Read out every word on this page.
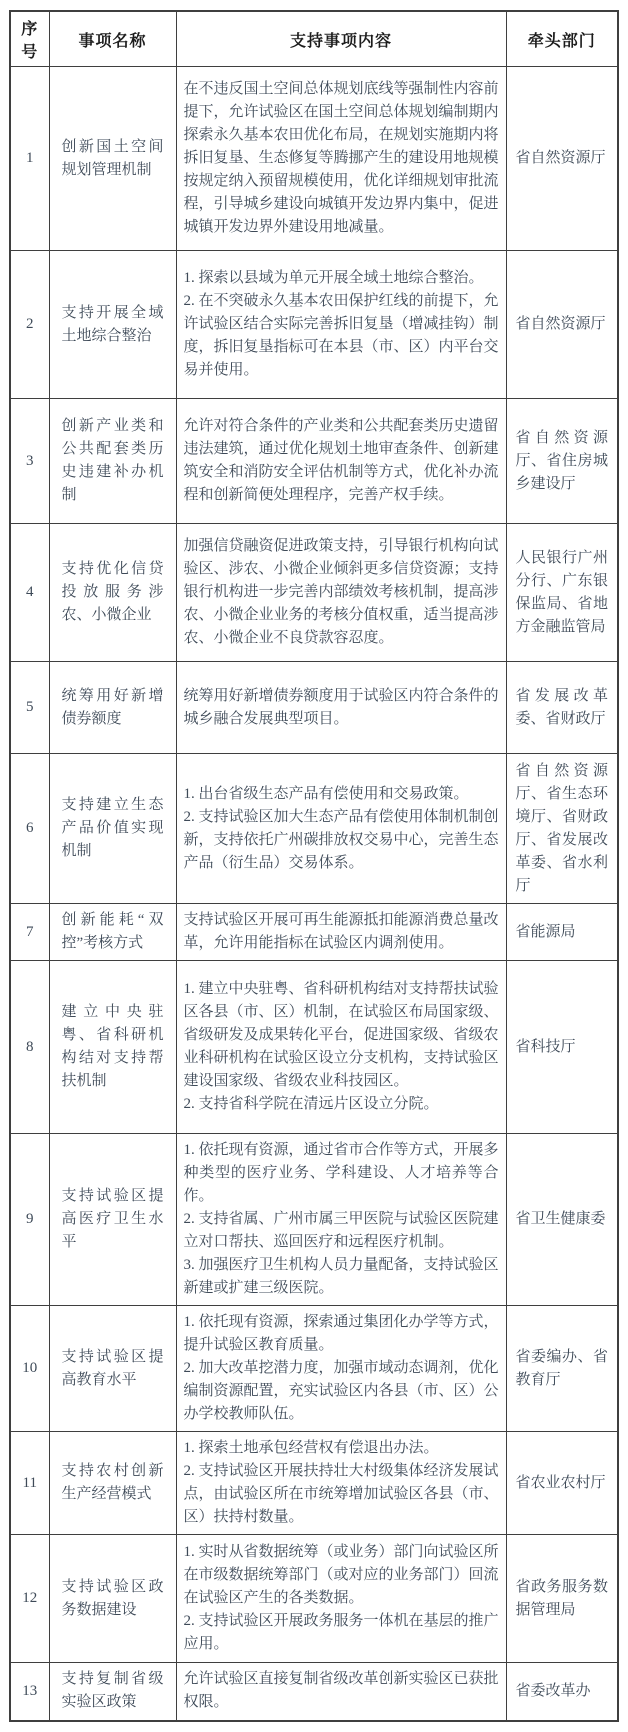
序号	事项名称	支持事项内容	牵头部门
1	创新国土空间规划管理机制	在不违反国土空间总体规划底线等强制性内容前提下，允许试验区在国土空间总体规划编制期内探索永久基本农田优化布局，在规划实施期内将拆旧复垦、生态修复等腾挪产生的建设用地规模按规定纳入预留规模使用，优化详细规划审批流程，引导城乡建设向城镇开发边界内集中，促进城镇开发边界外建设用地减量。	省自然资源厅
2	支持开展全域土地综合整治	1. 探索以县域为单元开展全域土地综合整治。
2. 在不突破永久基本农田保护红线的前提下，允许试验区结合实际完善拆旧复垦（增减挂钩）制度，拆旧复垦指标可在本县（市、区）内平台交易并使用。	省自然资源厅
3	创新产业类和公共配套类历史违建补办机制	允许对符合条件的产业类和公共配套类历史遗留违法建筑，通过优化规划土地审查条件、创新建筑安全和消防安全评估机制等方式，优化补办流程和创新简便处理程序，完善产权手续。	省自然资源厅、省住房城乡建设厅
4	支持优化信贷投放服务涉农、小微企业	加强信贷融资促进政策支持，引导银行机构向试验区、涉农、小微企业倾斜更多信贷资源；支持银行机构进一步完善内部绩效考核机制，提高涉农、小微企业业务的考核分值权重，适当提高涉农、小微企业不良贷款容忍度。	人民银行广州分行、广东银保监局、省地方金融监管局
5	统筹用好新增债券额度	统筹用好新增债券额度用于试验区内符合条件的城乡融合发展典型项目。	省发展改革委、省财政厅
6	支持建立生态产品价值实现机制	1. 出台省级生态产品有偿使用和交易政策。
2. 支持试验区加大生态产品有偿使用体制机制创新，支持依托广州碳排放权交易中心，完善生态产品（衍生品）交易体系。	省自然资源厅、省生态环境厅、省财政厅、省发展改革委、省水利厅
7	创新能耗“双控”考核方式	支持试验区开展可再生能源抵扣能源消费总量改革，允许用能指标在试验区内调剂使用。	省能源局
8	建立中央驻粤、省科研机构结对支持帮扶机制	1. 建立中央驻粤、省科研机构结对支持帮扶试验区各县（市、区）机制，在试验区布局国家级、省级研发及成果转化平台，促进国家级、省级农业科研机构在试验区设立分支机构，支持试验区建设国家级、省级农业科技园区。
2. 支持省科学院在清远片区设立分院。	省科技厅
9	支持试验区提高医疗卫生水平	1. 依托现有资源，通过省市合作等方式，开展多种类型的医疗业务、学科建设、人才培养等合作。
2. 支持省属、广州市属三甲医院与试验区医院建立对口帮扶、巡回医疗和远程医疗机制。
3. 加强医疗卫生机构人员力量配备，支持试验区新建或扩建三级医院。	省卫生健康委
10	支持试验区提高教育水平	1. 依托现有资源，探索通过集团化办学等方式，提升试验区教育质量。
2. 加大改革挖潜力度，加强市域动态调剂，优化编制资源配置，充实试验区内各县（市、区）公办学校教师队伍。	省委编办、省教育厅
11	支持农村创新生产经营模式	1. 探索土地承包经营权有偿退出办法。
2. 支持试验区开展扶持壮大村级集体经济发展试点，由试验区所在市统筹增加试验区各县（市、区）扶持村数量。	省农业农村厅
12	支持试验区政务数据建设	1. 实时从省数据统筹（或业务）部门向试验区所在市级数据统筹部门（或对应的业务部门）回流在试验区产生的各类数据。
2. 支持试验区开展政务服务一体机在基层的推广应用。	省政务服务数据管理局
13	支持复制省级实验区政策	允许试验区直接复制省级改革创新实验区已获批权限。	省委改革办
